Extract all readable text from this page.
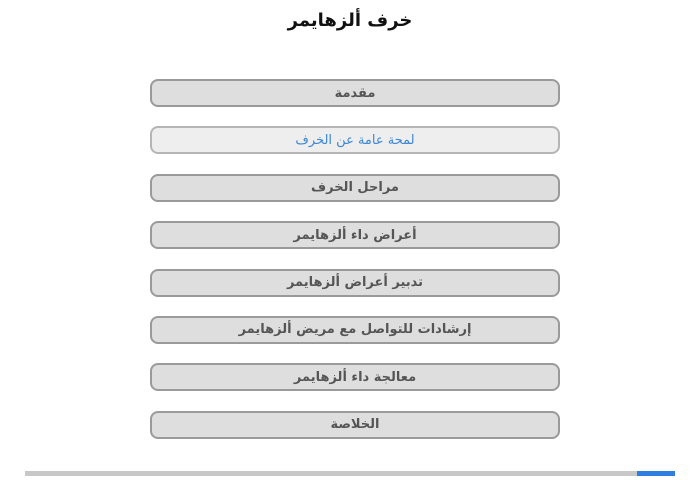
خرف ألزهايمر
مقدمة
لمحة عامة عن الخرف
مراحل الخرف
أعراض داء ألزهايمر
تدبير أعراض ألزهايمر
إرشادات للتواصل مع مريض ألزهايمر
معالجة داء ألزهايمر
الخلاصة
